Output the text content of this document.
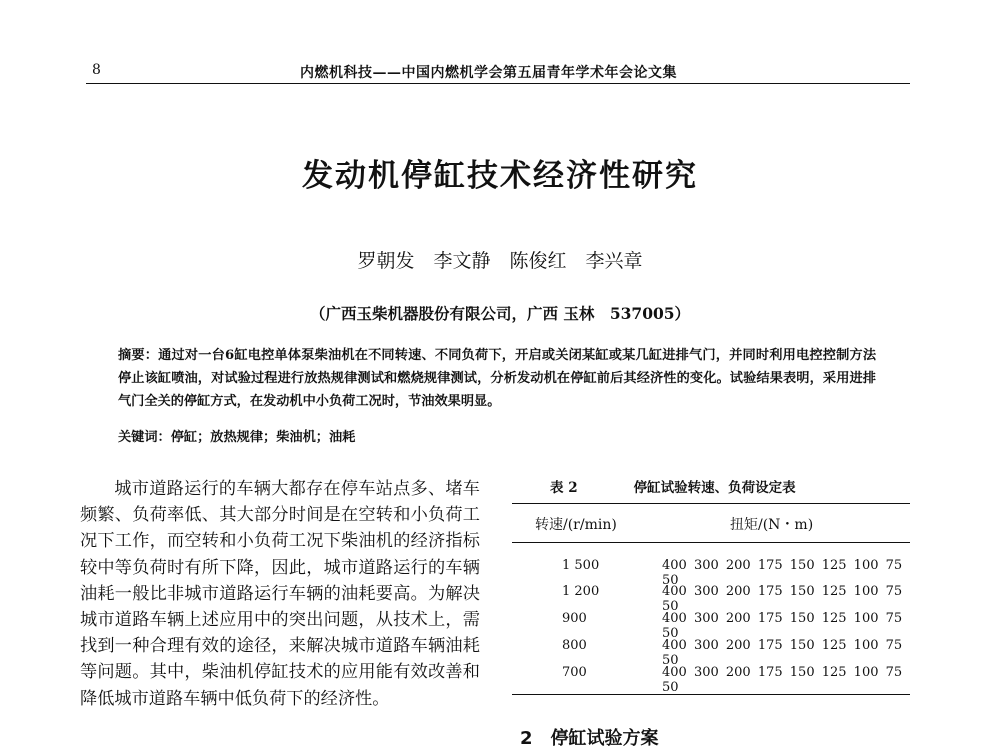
8	内燃机科技——中国内燃机学会第五届青年学术年会论文集
发动机停缸技术经济性研究
罗朝发　李文静　陈俊红　李兴章
（广西玉柴机器股份有限公司，广西 玉林　537005）
摘要：通过对一台6缸电控单体泵柴油机在不同转速、不同负荷下，开启或关闭某缸或某几缸进排气门，并同时利用电控控制方法停止该缸喷油，对试验过程进行放热规律测试和燃烧规律测试，分析发动机在停缸前后其经济性的变化。试验结果表明，采用进排气门全关的停缸方式，在发动机中小负荷工况时，节油效果明显。
关键词：停缸；放热规律；柴油机；油耗

城市道路运行的车辆大都存在停车站点多、堵车频繁、负荷率低、其大部分时间是在空转和小负荷工况下工作，而空转和小负荷工况下柴油机的经济指标较中等负荷时有所下降，因此，城市道路运行的车辆油耗一般比非城市道路运行车辆的油耗要高。为解决城市道路车辆上述应用中的突出问题，从技术上，需找到一种合理有效的途径，来解决城市道路车辆油耗等问题。其中，柴油机停缸技术的应用能有效改善和降低城市道路车辆中低负荷下的经济性。

表 2	停缸试验转速、负荷设定表
转速/(r/min)	扭矩/(N・m)
1 500	400 300 200 175 150 125 100 75 50
1 200	400 300 200 175 150 125 100 75 50
900	400 300 200 175 150 125 100 75 50
800	400 300 200 175 150 125 100 75 50
700	400 300 200 175 150 125 100 75 50
2　停缸试验方案
